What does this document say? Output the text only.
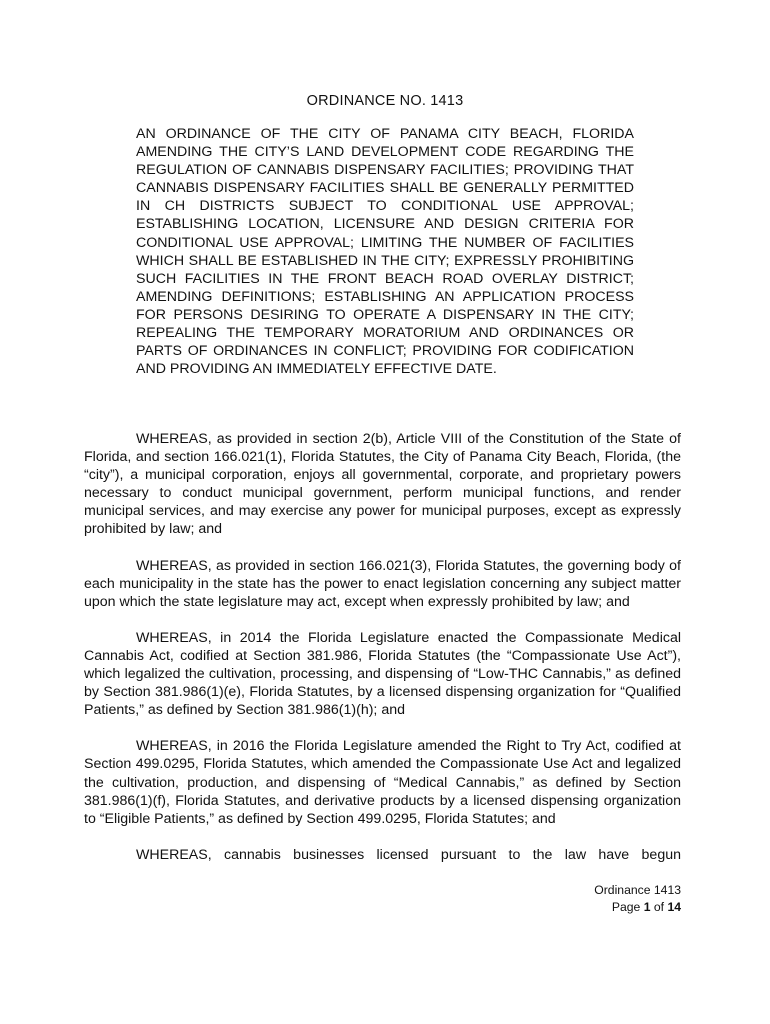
ORDINANCE NO. 1413

AN ORDINANCE OF THE CITY OF PANAMA CITY BEACH, FLORIDA AMENDING THE CITY’S LAND DEVELOPMENT CODE REGARDING THE REGULATION OF CANNABIS DISPENSARY FACILITIES; PROVIDING THAT CANNABIS DISPENSARY FACILITIES SHALL BE GENERALLY PERMITTED IN CH DISTRICTS SUBJECT TO CONDITIONAL USE APPROVAL; ESTABLISHING LOCATION, LICENSURE AND DESIGN CRITERIA FOR CONDITIONAL USE APPROVAL; LIMITING THE NUMBER OF FACILITIES WHICH SHALL BE ESTABLISHED IN THE CITY; EXPRESSLY PROHIBITING SUCH FACILITIES IN THE FRONT BEACH ROAD OVERLAY DISTRICT; AMENDING DEFINITIONS; ESTABLISHING AN APPLICATION PROCESS FOR PERSONS DESIRING TO OPERATE A DISPENSARY IN THE CITY; REPEALING THE TEMPORARY MORATORIUM AND ORDINANCES OR PARTS OF ORDINANCES IN CONFLICT; PROVIDING FOR CODIFICATION AND PROVIDING AN IMMEDIATELY EFFECTIVE DATE.

WHEREAS, as provided in section 2(b), Article VIII of the Constitution of the State of Florida, and section 166.021(1), Florida Statutes, the City of Panama City Beach, Florida, (the “city”), a municipal corporation, enjoys all governmental, corporate, and proprietary powers necessary to conduct municipal government, perform municipal functions, and render municipal services, and may exercise any power for municipal purposes, except as expressly prohibited by law; and

WHEREAS, as provided in section 166.021(3), Florida Statutes, the governing body of each municipality in the state has the power to enact legislation concerning any subject matter upon which the state legislature may act, except when expressly prohibited by law; and

WHEREAS, in 2014 the Florida Legislature enacted the Compassionate Medical Cannabis Act, codified at Section 381.986, Florida Statutes (the “Compassionate Use Act”), which legalized the cultivation, processing, and dispensing of “Low-THC Cannabis,” as defined by Section 381.986(1)(e), Florida Statutes, by a licensed dispensing organization for “Qualified Patients,” as defined by Section 381.986(1)(h); and

WHEREAS, in 2016 the Florida Legislature amended the Right to Try Act, codified at Section 499.0295, Florida Statutes, which amended the Compassionate Use Act and legalized the cultivation, production, and dispensing of “Medical Cannabis,” as defined by Section 381.986(1)(f), Florida Statutes, and derivative products by a licensed dispensing organization to “Eligible Patients,” as defined by Section 499.0295, Florida Statutes; and

WHEREAS, cannabis businesses licensed pursuant to the law have begun

Ordinance 1413
Page 1 of 14
